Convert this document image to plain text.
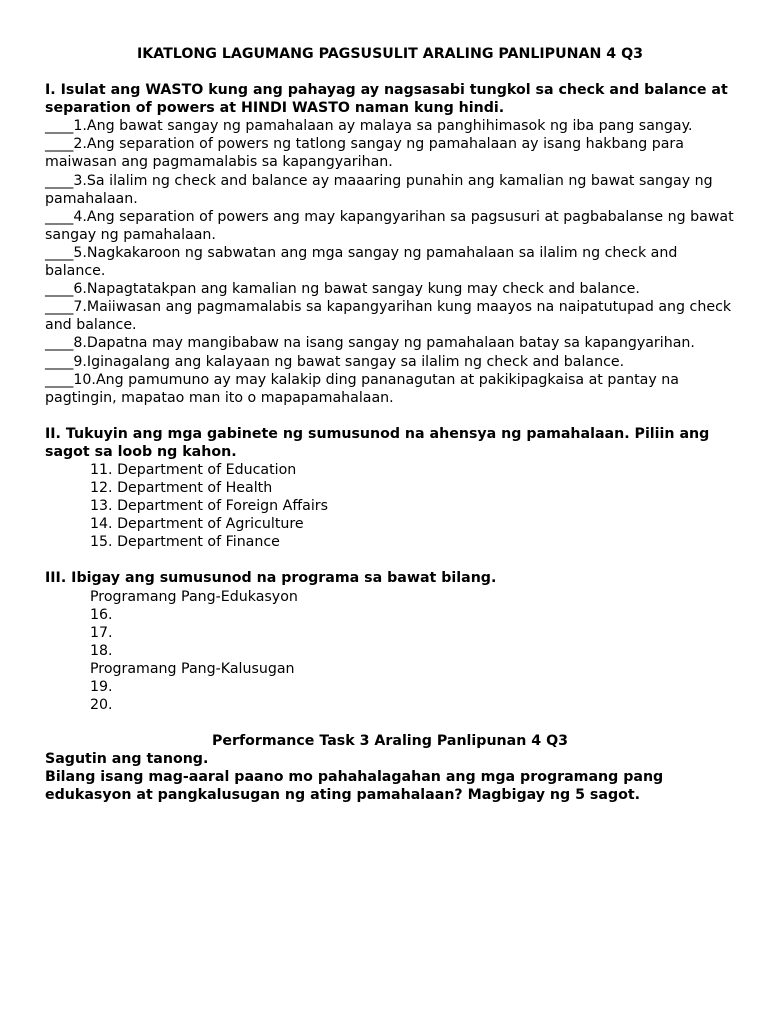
IKATLONG LAGUMANG PAGSUSULIT ARALING PANLIPUNAN 4 Q3
I. Isulat ang WASTO kung ang pahayag ay nagsasabi tungkol sa check and balance at separation of powers at HINDI WASTO naman kung hindi.
____1.Ang bawat sangay ng pamahalaan ay malaya sa panghihimasok ng iba pang sangay.
____2.Ang separation of powers ng tatlong sangay ng pamahalaan ay isang hakbang para maiwasan ang pagmamalabis sa kapangyarihan.
____3.Sa ilalim ng check and balance ay maaaring punahin ang kamalian ng bawat sangay ng pamahalaan.
____4.Ang separation of powers ang may kapangyarihan sa pagsusuri at pagbabalanse ng bawat sangay ng pamahalaan.
____5.Nagkakaroon ng sabwatan ang mga sangay ng pamahalaan sa ilalim ng check and balance.
____6.Napagtatakpan ang kamalian ng bawat sangay kung may check and balance.
____7.Maiiwasan ang pagmamalabis sa kapangyarihan kung maayos na naipatutupad ang check and balance.
____8.Dapatna may mangibabaw na isang sangay ng pamahalaan batay sa kapangyarihan.
____9.Iginagalang ang kalayaan ng bawat sangay sa ilalim ng check and balance.
____10.Ang pamumuno ay may kalakip ding pananagutan at pakikipagkaisa at pantay na pagtingin, mapatao man ito o mapapamahalaan.
II. Tukuyin ang mga gabinete ng sumusunod na ahensya ng pamahalaan. Piliin ang sagot sa loob ng kahon.
11. Department of Education
12. Department of Health
13. Department of Foreign Affairs
14. Department of Agriculture
15. Department of Finance
III. Ibigay ang sumusunod na programa sa bawat bilang.
Programang Pang-Edukasyon
16.
17.
18.
Programang Pang-Kalusugan
19.
20.
Performance Task 3 Araling Panlipunan 4 Q3
Sagutin ang tanong.
Bilang isang mag-aaral paano mo pahahalagahan ang mga programang pang edukasyon at pangkalusugan ng ating pamahalaan? Magbigay ng 5 sagot.
